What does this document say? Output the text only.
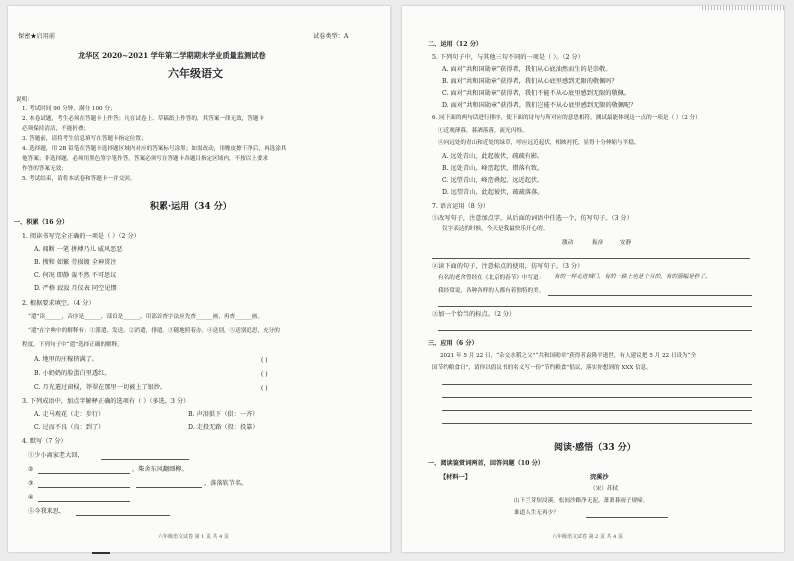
保密★启用前	试卷类型：A
龙华区 2020~2021 学年第二学期期末学业质量监测试卷
六年级语文
说明：
1. 考试时间 90 分钟，满分 100 分；
2. 本卷试题，考生必须在答题卡上作答；凡在试卷上、草稿纸上作答的，其答案一律无效，答题卡
必须保持清洁，不能折叠；
3. 答题前，请将考生信息填写在答题卡指定位置；
4. 选择题，用 2B 铅笔在答题卡选择题区域内对应的答案标号涂黑；如需改动，用橡皮擦干净后，再选涂其
他答案；非选择题，必须用黑色签字笔作答，答案必须写在答题卡各题目指定区域内，不按以上要求
作答的答案无效；
5. 考试结束，请将本试卷和答题卡一并交回。
积累·运用（34 分）
一、积累（16 分）
1. 阅读书写完全正确的一项是（ ）（2 分）
A. 闻断 一笔 拼搏乃儿 威风恶恶
B. 搜和 如繁 劳损镀 全神贯注
C. 何况 即静 轰不然 不可思议
D. 严格 寂寂 月仪表 同空见惯
2. 根据要求填空。（4 分）
“遣”读______，音序是______，部首是______，用部首查字法应先查______画，再查______画。
“遣”在字典中的解释有：①派遣，发送。②消遣，排遣。③随地照着办。④送别，⑤送别追思，充分的
程度。下列句子中“遣”选择正确的解释。
A. 地里的庄稼挤满了。	( )
B. 小奶奶的脸蛋白里透红。	( )
C. 月光遣过窗棂，莽翠在那里一切被上了银纱。	( )
3. 下列成语中，加点字解释正确的选项有（ ）（多选，3 分）
A. 走马观花（走：步行）	B. 声泪俱下（俱：一齐）
C. 过而不良（良：到了）	D. 走投无路（投：投靠）
4. 默写（7 分）
①少小离家老大回，
②	，柴舍东风翻细柳。
③	，落落软节名。
④
⑤今我来思，
六年级语文试卷 第 1 页 共 4 页
二、运用（12 分）
5. 下列句子中，与其他三句不同的一项是（ ）。（2 分）
A. 面对“共和国勋章”获得者，我们从心底油然而生的是崇敬。
B. 面对“共和国勋章”获得者，我们从心底里感到无限的敬佩吗？
C. 面对“共和国勋章”获得者，我们不能不从心底里感到无限的敬佩。
D. 面对“共和国勋章”获得者，我们岂能不从心底里感到无限的敬佩呢？
6. 同下面的两句话进行排序，使下面的诗句与所对应的意思相符，测试最能体现这一点的一项是（ ）（2 分）
①近观薄暮，暮洒落落，流光闪烁。
④向远处的青山和近处的绿草，呼应远近起伏，相映衬托，显得十分伸缩与平稳。
A. 远处青山，此起彼伏，疏疏有影。
B. 远处青山，峰峦起伏，错落有致。
C. 远望青山，峰峦叠起，远近起伏。
D. 远望青山，此起彼伏，疏疏落落。
7. 语言运用（8 分）
①改写句子，注意加点字，从后面的词语中任选一个，仿写句子。（3 分）
仅字表达的时候，今天是我最快乐开心的。
激动	振奋	安静
②读下面的句子，注意标点的使用，仿写句子。（3 分）
有名的老舍曾经在《北京的春节》中写道： 有的一样走进城门，有的一路上也是个月的，有的画幅是秒了。
我经常说，各种各样的人都有着独特的美。
③加一个恰当的标点。（2 分）
三、应用（6 分）
2021 年 5 月 22 日，“杂交水稻之父”“共和国勋章”获得者袁隆平逝世，有人建议把 5 月 22 日设为“全
国节约粮食日”，请你以倡议书的名义写一份“节约粮食”倡议，落实你想到的 XXX 信息。
阅读·感悟（33 分）
一、阅读鉴赏词两首，回答问题（10 分）
【材料一】	浣溪沙
（宋）苏轼
山下兰芽短浸溪，松间沙路净无泥。萧萧暮雨子规啼。
谁道人生无再少？
六年级语文试卷 第 2 页 共 4 页
